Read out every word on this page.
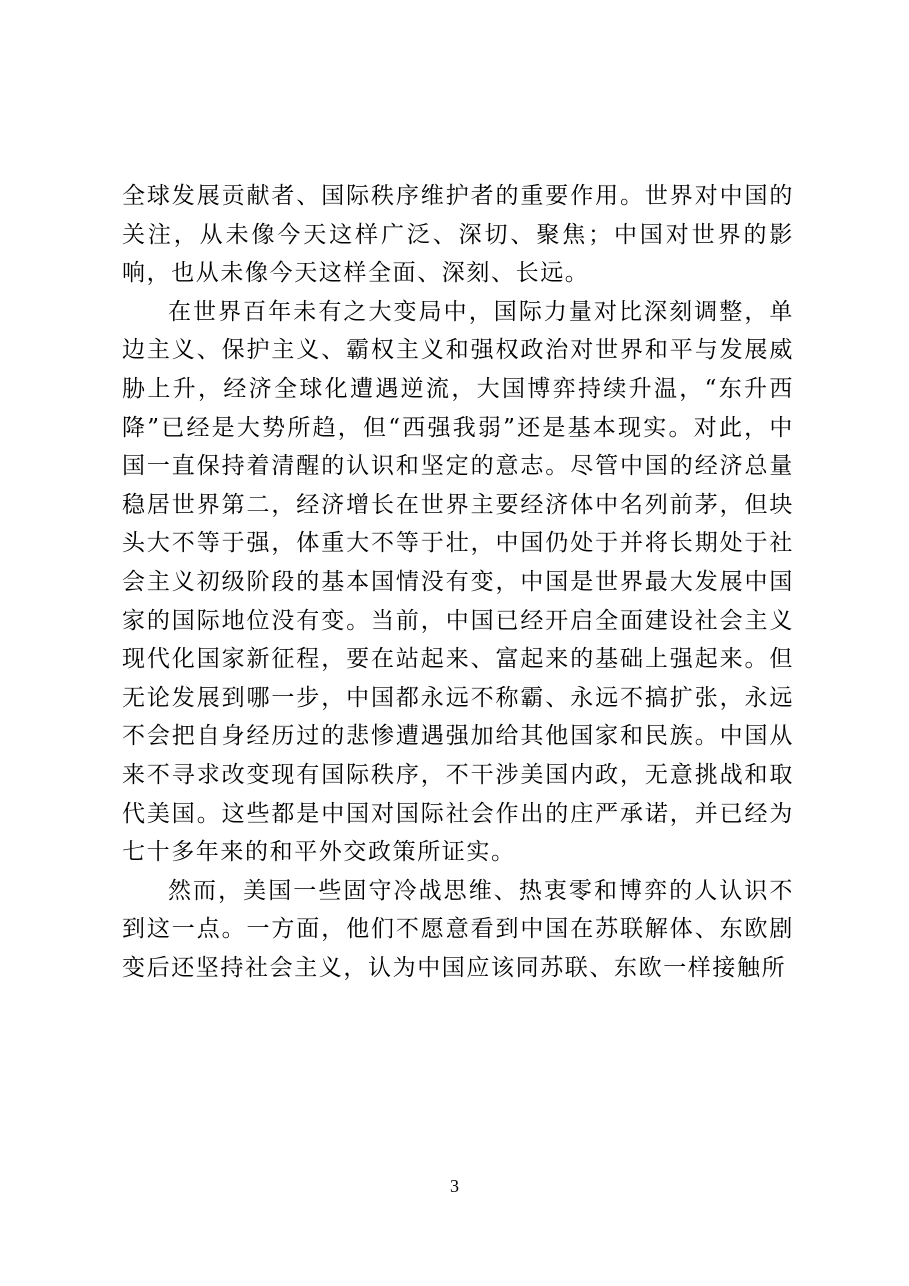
全球发展贡献者、国际秩序维护者的重要作用。世界对中国的关注，从未像今天这样广泛、深切、聚焦；中国对世界的影响，也从未像今天这样全面、深刻、长远。

在世界百年未有之大变局中，国际力量对比深刻调整，单边主义、保护主义、霸权主义和强权政治对世界和平与发展威胁上升，经济全球化遭遇逆流，大国博弈持续升温，“东升西降”已经是大势所趋，但“西强我弱”还是基本现实。对此，中国一直保持着清醒的认识和坚定的意志。尽管中国的经济总量稳居世界第二，经济增长在世界主要经济体中名列前茅，但块头大不等于强，体重大不等于壮，中国仍处于并将长期处于社会主义初级阶段的基本国情没有变，中国是世界最大发展中国家的国际地位没有变。当前，中国已经开启全面建设社会主义现代化国家新征程，要在站起来、富起来的基础上强起来。但无论发展到哪一步，中国都永远不称霸、永远不搞扩张，永远不会把自身经历过的悲惨遭遇强加给其他国家和民族。中国从来不寻求改变现有国际秩序，不干涉美国内政，无意挑战和取代美国。这些都是中国对国际社会作出的庄严承诺，并已经为七十多年来的和平外交政策所证实。

然而，美国一些固守冷战思维、热衷零和博弈的人认识不到这一点。一方面，他们不愿意看到中国在苏联解体、东欧剧变后还坚持社会主义，认为中国应该同苏联、东欧一样接触所

3
